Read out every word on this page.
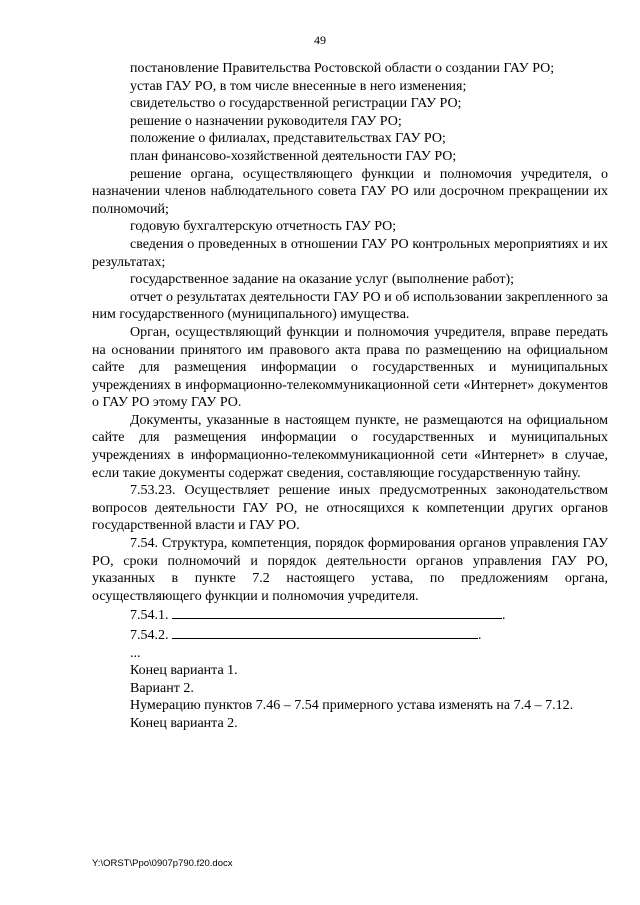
49

постановление Правительства Ростовской области о создании ГАУ РО;

устав ГАУ РО, в том числе внесенные в него изменения;

свидетельство о государственной регистрации ГАУ РО;

решение о назначении руководителя ГАУ РО;

положение о филиалах, представительствах ГАУ РО;

план финансово-хозяйственной деятельности ГАУ РО;

решение органа, осуществляющего функции и полномочия учредителя, о назначении членов наблюдательного совета ГАУ РО или досрочном прекращении их полномочий;

годовую бухгалтерскую отчетность ГАУ РО;

сведения о проведенных в отношении ГАУ РО контрольных мероприятиях и их результатах;

государственное задание на оказание услуг (выполнение работ);

отчет о результатах деятельности ГАУ РО и об использовании закрепленного за ним государственного (муниципального) имущества.

Орган, осуществляющий функции и полномочия учредителя, вправе передать на основании принятого им правового акта права по размещению на официальном сайте для размещения информации о государственных и муниципальных учреждениях в информационно-телекоммуникационной сети «Интернет» документов о ГАУ РО этому ГАУ РО.

Документы, указанные в настоящем пункте, не размещаются на официальном сайте для размещения информации о государственных и муниципальных учреждениях в информационно-телекоммуникационной сети «Интернет» в случае, если такие документы содержат сведения, составляющие государственную тайну.

7.53.23. Осуществляет решение иных предусмотренных законодательством вопросов деятельности ГАУ РО, не относящихся к компетенции других органов государственной власти и ГАУ РО.

7.54. Структура, компетенция, порядок формирования органов управления ГАУ РО, сроки полномочий и порядок деятельности органов управления ГАУ РО, указанных в пункте 7.2 настоящего устава, по предложениям органа, осуществляющего функции и полномочия учредителя.

7.54.1.	.

7.54.2.	.

...

Конец варианта 1.

Вариант 2.

Нумерацию пунктов 7.46 – 7.54 примерного устава изменять на 7.4 – 7.12.

Конец варианта 2.

Y:\ORST\Ppo\0907p790.f20.docx
